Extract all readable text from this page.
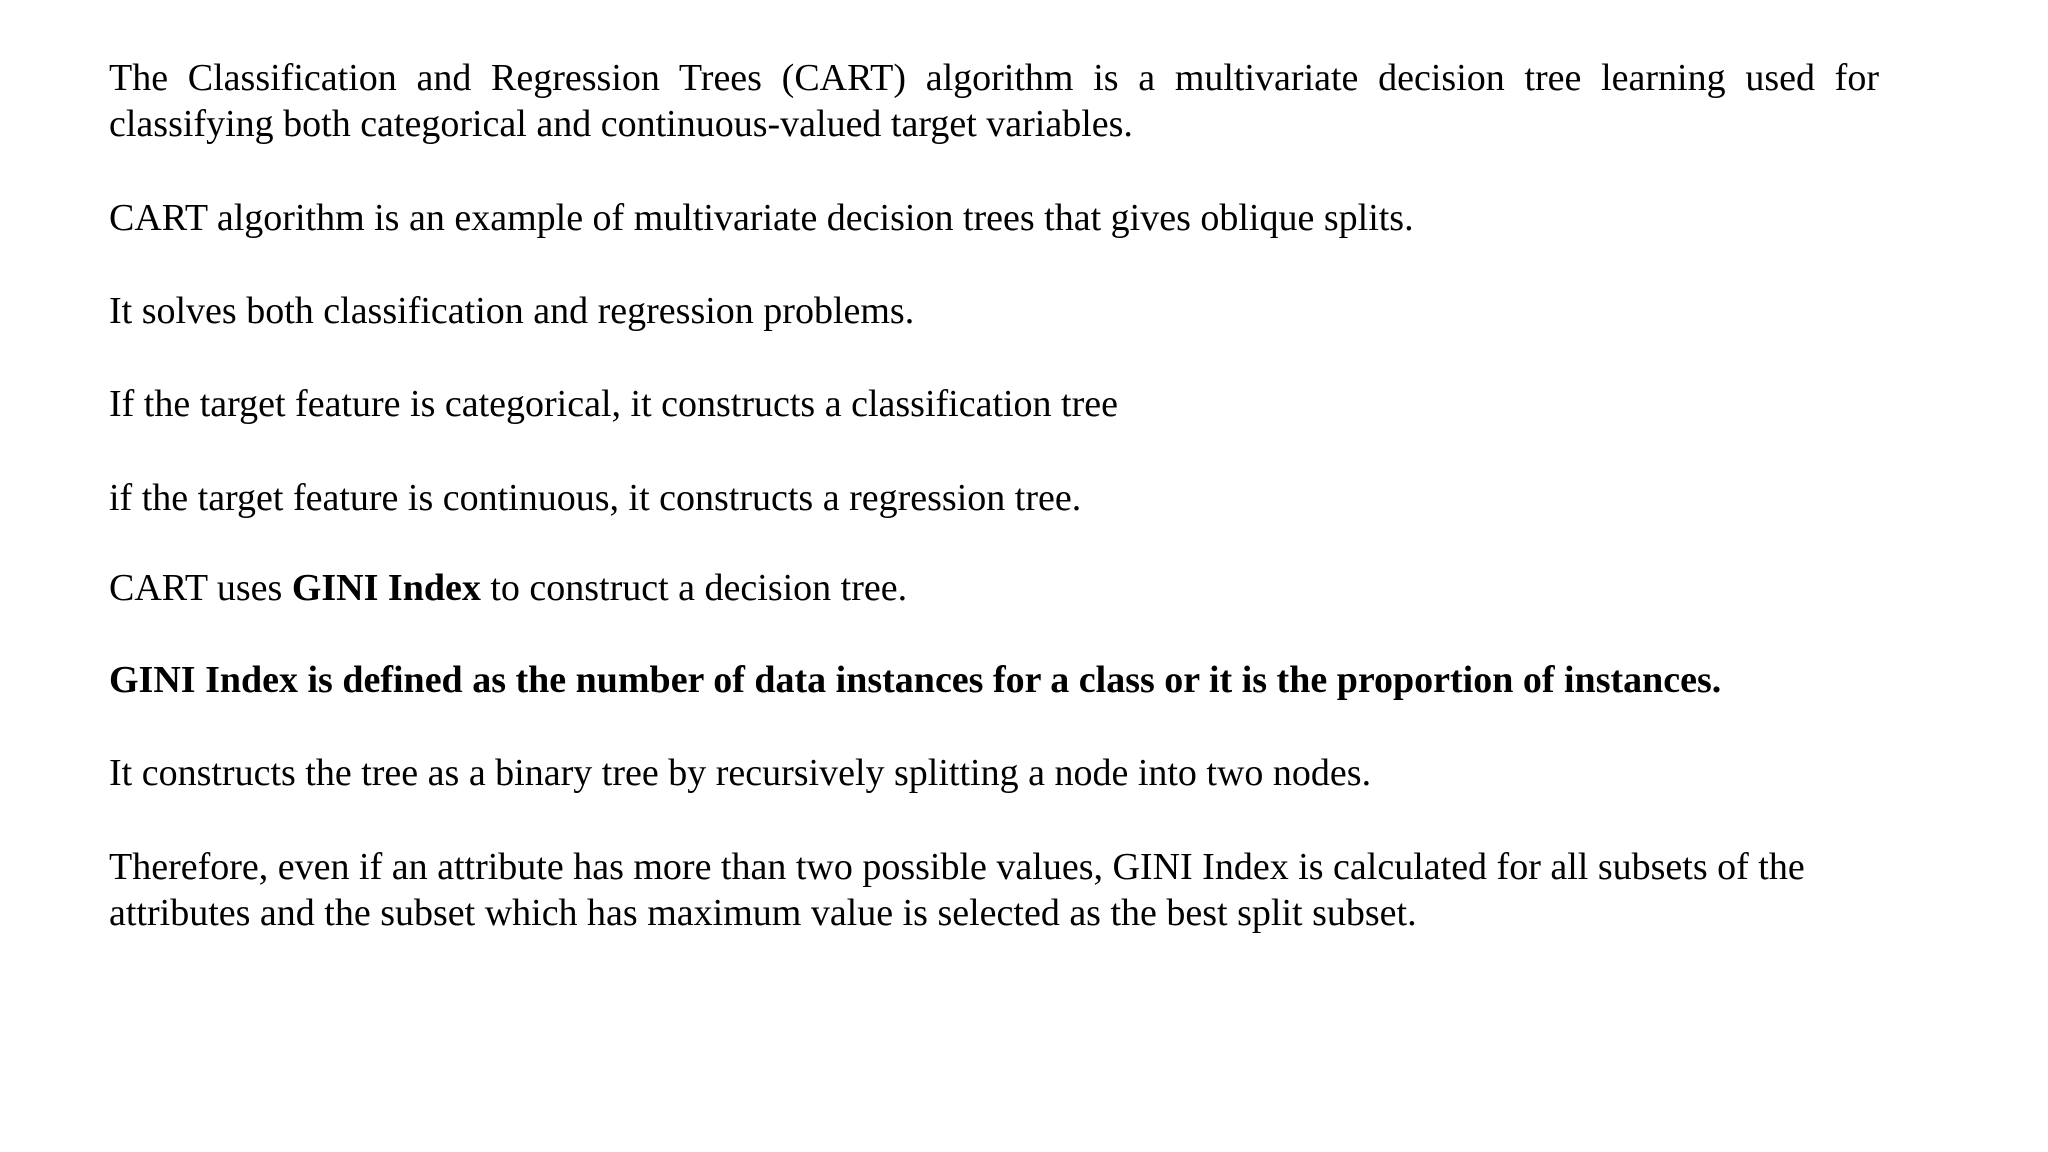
The Classification and Regression Trees (CART) algorithm is a multivariate decision tree learning used for
classifying both categorical and continuous-valued target variables.

CART algorithm is an example of multivariate decision trees that gives oblique splits.

It solves both classification and regression problems.

If the target feature is categorical, it constructs a classification tree

if the target feature is continuous, it constructs a regression tree.

CART uses GINI Index to construct a decision tree.

GINI Index is defined as the number of data instances for a class or it is the proportion of instances.

It constructs the tree as a binary tree by recursively splitting a node into two nodes.

Therefore, even if an attribute has more than two possible values, GINI Index is calculated for all subsets of the
attributes and the subset which has maximum value is selected as the best split subset.
